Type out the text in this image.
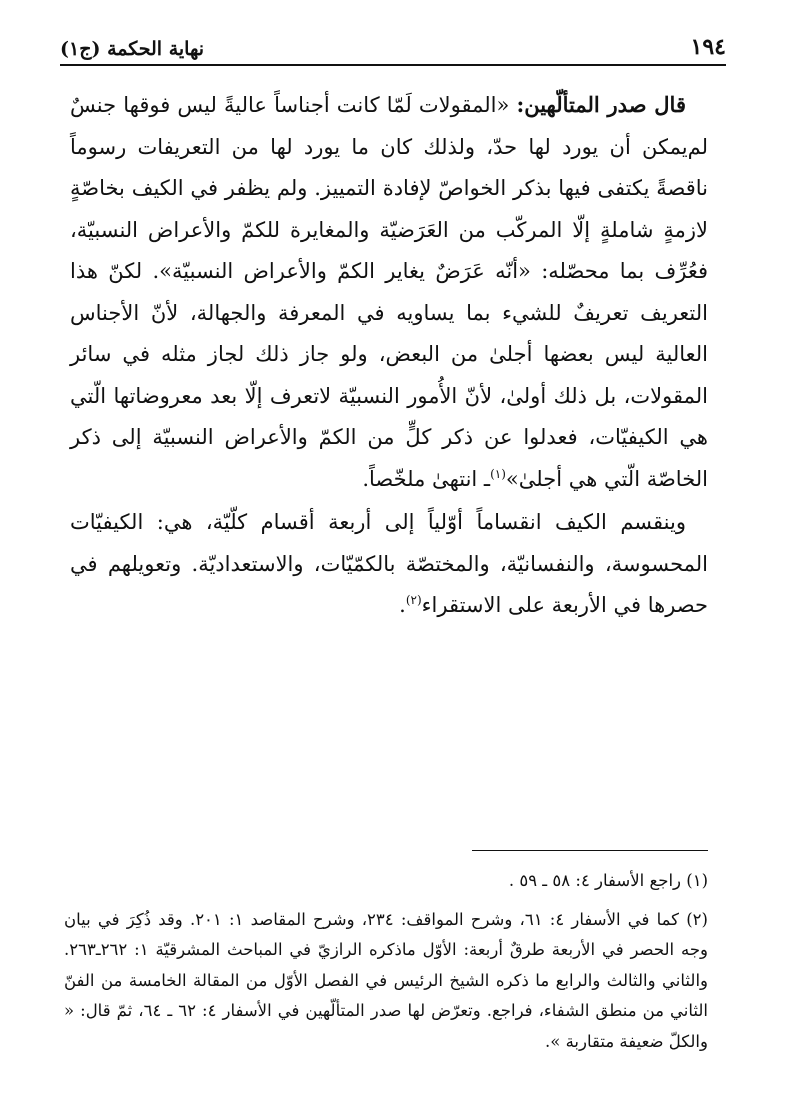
١٩٤
نهاية الحكمة (ج١)

قال صدر المتألّهين: «المقولات لَمّا كانت أجناساً عاليةً ليس فوقها جنسٌ لم‌يمكن أن يورد لها حدّ، ولذلك كان ما يورد لها من التعريفات رسوماً ناقصةً يكتفى فيها بذكر الخواصّ لإفادة التمييز. ولم يظفر في الكيف بخاصّةٍ لازمةٍ شاملةٍ إلّا المركّب من العَرَضيّة والمغايرة للكمّ والأعراض النسبيّة، فعُرِّف بما محصّله: «أنّه عَرَضٌ يغاير الكمّ والأعراض النسبيّة». لكنّ هذا التعريف تعريفٌ للشيء بما يساويه في المعرفة والجهالة، لأنّ الأجناس العالية ليس بعضها أجلىٰ من البعض، ولو جاز ذلك لجاز مثله في سائر المقولات، بل ذلك أولىٰ، لأنّ الأُمور النسبيّة لاتعرف إلّا بعد معروضاتها الّتي هي الكيفيّات، فعدلوا عن ذكر كلٍّ من الكمّ والأعراض النسبيّة إلى ذكر الخاصّة الّتي هي أجلىٰ»$^{(١)}$ـ انتهىٰ ملخّصاً.

وينقسم الكيف انقساماً أوّلياً إلى أربعة أقسام كلّيّة، هي: الكيفيّات المحسوسة، والنفسانيّة، والمختصّة بالكمّيّات، والاستعداديّة. وتعويلهم في حصرها في الأربعة على الاستقراء$^{(٢)}$.

(١) راجع الأسفار ٤: ٥٨ ـ ٥٩ .

(٢) كما في الأسفار ٤: ٦١، وشرح المواقف: ٢٣٤، وشرح المقاصد ١: ٢٠١. وقد ذُكِرَ في بيان وجه الحصر في الأربعة طرقٌ أربعة: الأوّل ماذكره الرازيّ في المباحث المشرقيّة ١: ٢٦٢ـ٢٦٣. والثاني والثالث والرابع ما ذكره الشيخ الرئيس في الفصل الأوّل من المقالة الخامسة من الفنّ الثاني من منطق الشفاء، فراجع. وتعرّض لها صدر المتألّهين في الأسفار ٤: ٦٢ ـ ٦٤، ثمّ قال: « والكلّ ضعيفة متقاربة ».
